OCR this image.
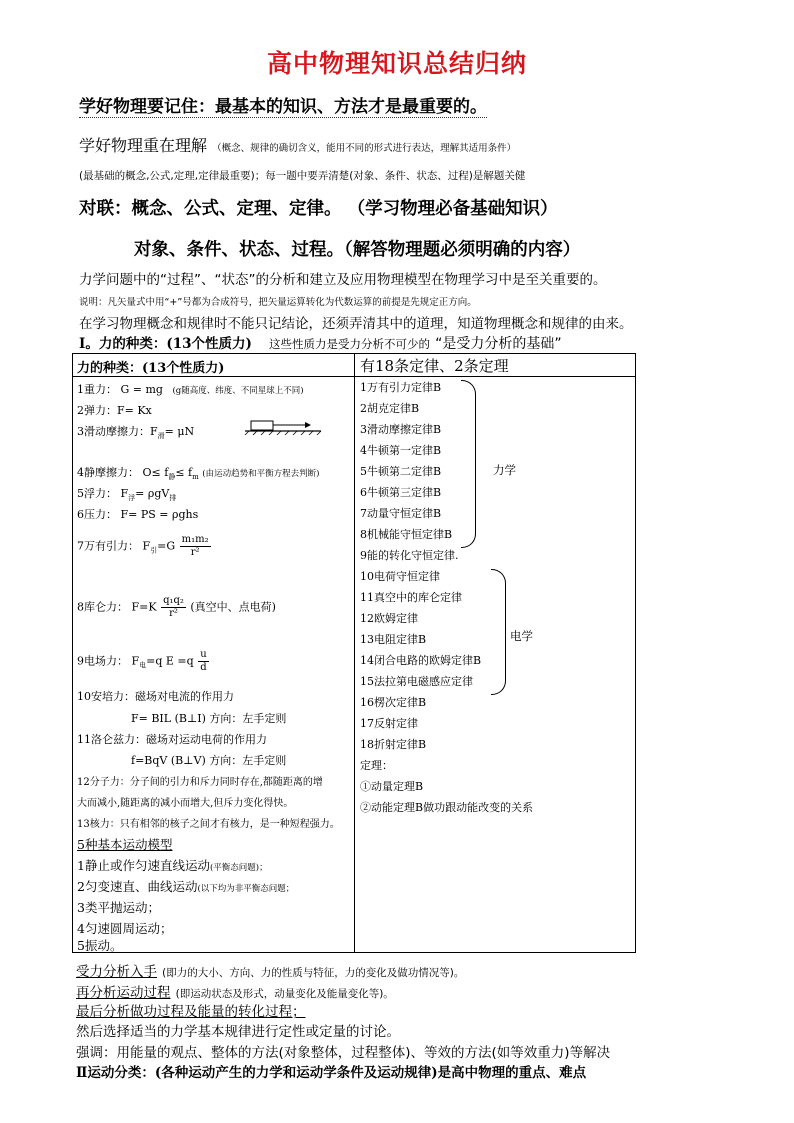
高中物理知识总结归纳
学好物理要记住：最基本的知识、方法才是最重要的。
学好物理重在理解 （概念、规律的确切含义，能用不同的形式进行表达，理解其适用条件）
(最基础的概念,公式,定理,定律最重要)；每一题中要弄清楚(对象、条件、状态、过程)是解题关健
对联：概念、公式、定理、定律。 （学习物理必备基础知识）
对象、条件、状态、过程。（解答物理题必须明确的内容）
力学问题中的“过程”、“状态”的分析和建立及应用物理模型在物理学习中是至关重要的。
说明：凡矢量式中用“+”号都为合成符号，把矢量运算转化为代数运算的前提是先规定正方向。
在学习物理概念和规律时不能只记结论，还须弄清其中的道理，知道物理概念和规律的由来。
Ⅰ。力的种类：(13个性质力) 这些性质力是受力分析不可少的 “是受力分析的基础”
力的种类：(13个性质力)	有18条定律、2条定理
1重力： G = mg (g随高度、纬度、不同星球上不同)
2弹力：F= Kx
3滑动摩擦力：$F_滑= \mu N$
4静摩擦力： $O\le f_静\le f_m$ (由运动趋势和平衡方程去判断)
5浮力： $F_浮= \rho gV_排$
6压力： F= PS = ρghs
7万有引力： $F_引=G \frac{\text{m₁m₂}}{\text{r²}}$
8库仑力： $F=K \frac{\text{q₁q₂}}{\text{r²}}$ (真空中、点电荷)
9电场力： $F_电=q$ $E =q \frac{u}{d}$
10安培力：磁场对电流的作用力
F= BIL (B⊥I) 方向：左手定则
11洛仑兹力：磁场对运动电荷的作用力
f=BqV (B⊥V) 方向：左手定则
12分子力：分子间的引力和斥力同时存在,都随距离的增
大而减小,随距离的减小而增大,但斥力变化得快。
13核力：只有相邻的核子之间才有核力，是一种短程强力。
5种基本运动模型
1静止或作匀速直线运动(平衡态问题)；
2匀变速直、曲线运动(以下均为非平衡态问题；
3类平抛运动；
4匀速圆周运动；
5振动。
1万有引力定律B
2胡克定律B
3滑动摩擦定律B
4牛顿第一定律B
5牛顿第二定律B
6牛顿第三定律B
7动量守恒定律B
8机械能守恒定律B
9能的转化守恒定律.
10电荷守恒定律
11真空中的库仑定律
12欧姆定律
13电阻定律B
14闭合电路的欧姆定律B
15法拉第电磁感应定律
16楞次定律B
17反射定律
18折射定律B
定理：
①动量定理B
②动能定理B做功跟动能改变的关系
力学
电学
受力分析入手 (即力的大小、方向、力的性质与特征，力的变化及做功情况等)。
再分析运动过程 (即运动状态及形式，动量变化及能量变化等)。
最后分析做功过程及能量的转化过程；
然后选择适当的力学基本规律进行定性或定量的讨论。
强调：用能量的观点、整体的方法(对象整体，过程整体)、等效的方法(如等效重力)等解决
Ⅱ运动分类：(各种运动产生的力学和运动学条件及运动规律)是高中物理的重点、难点
